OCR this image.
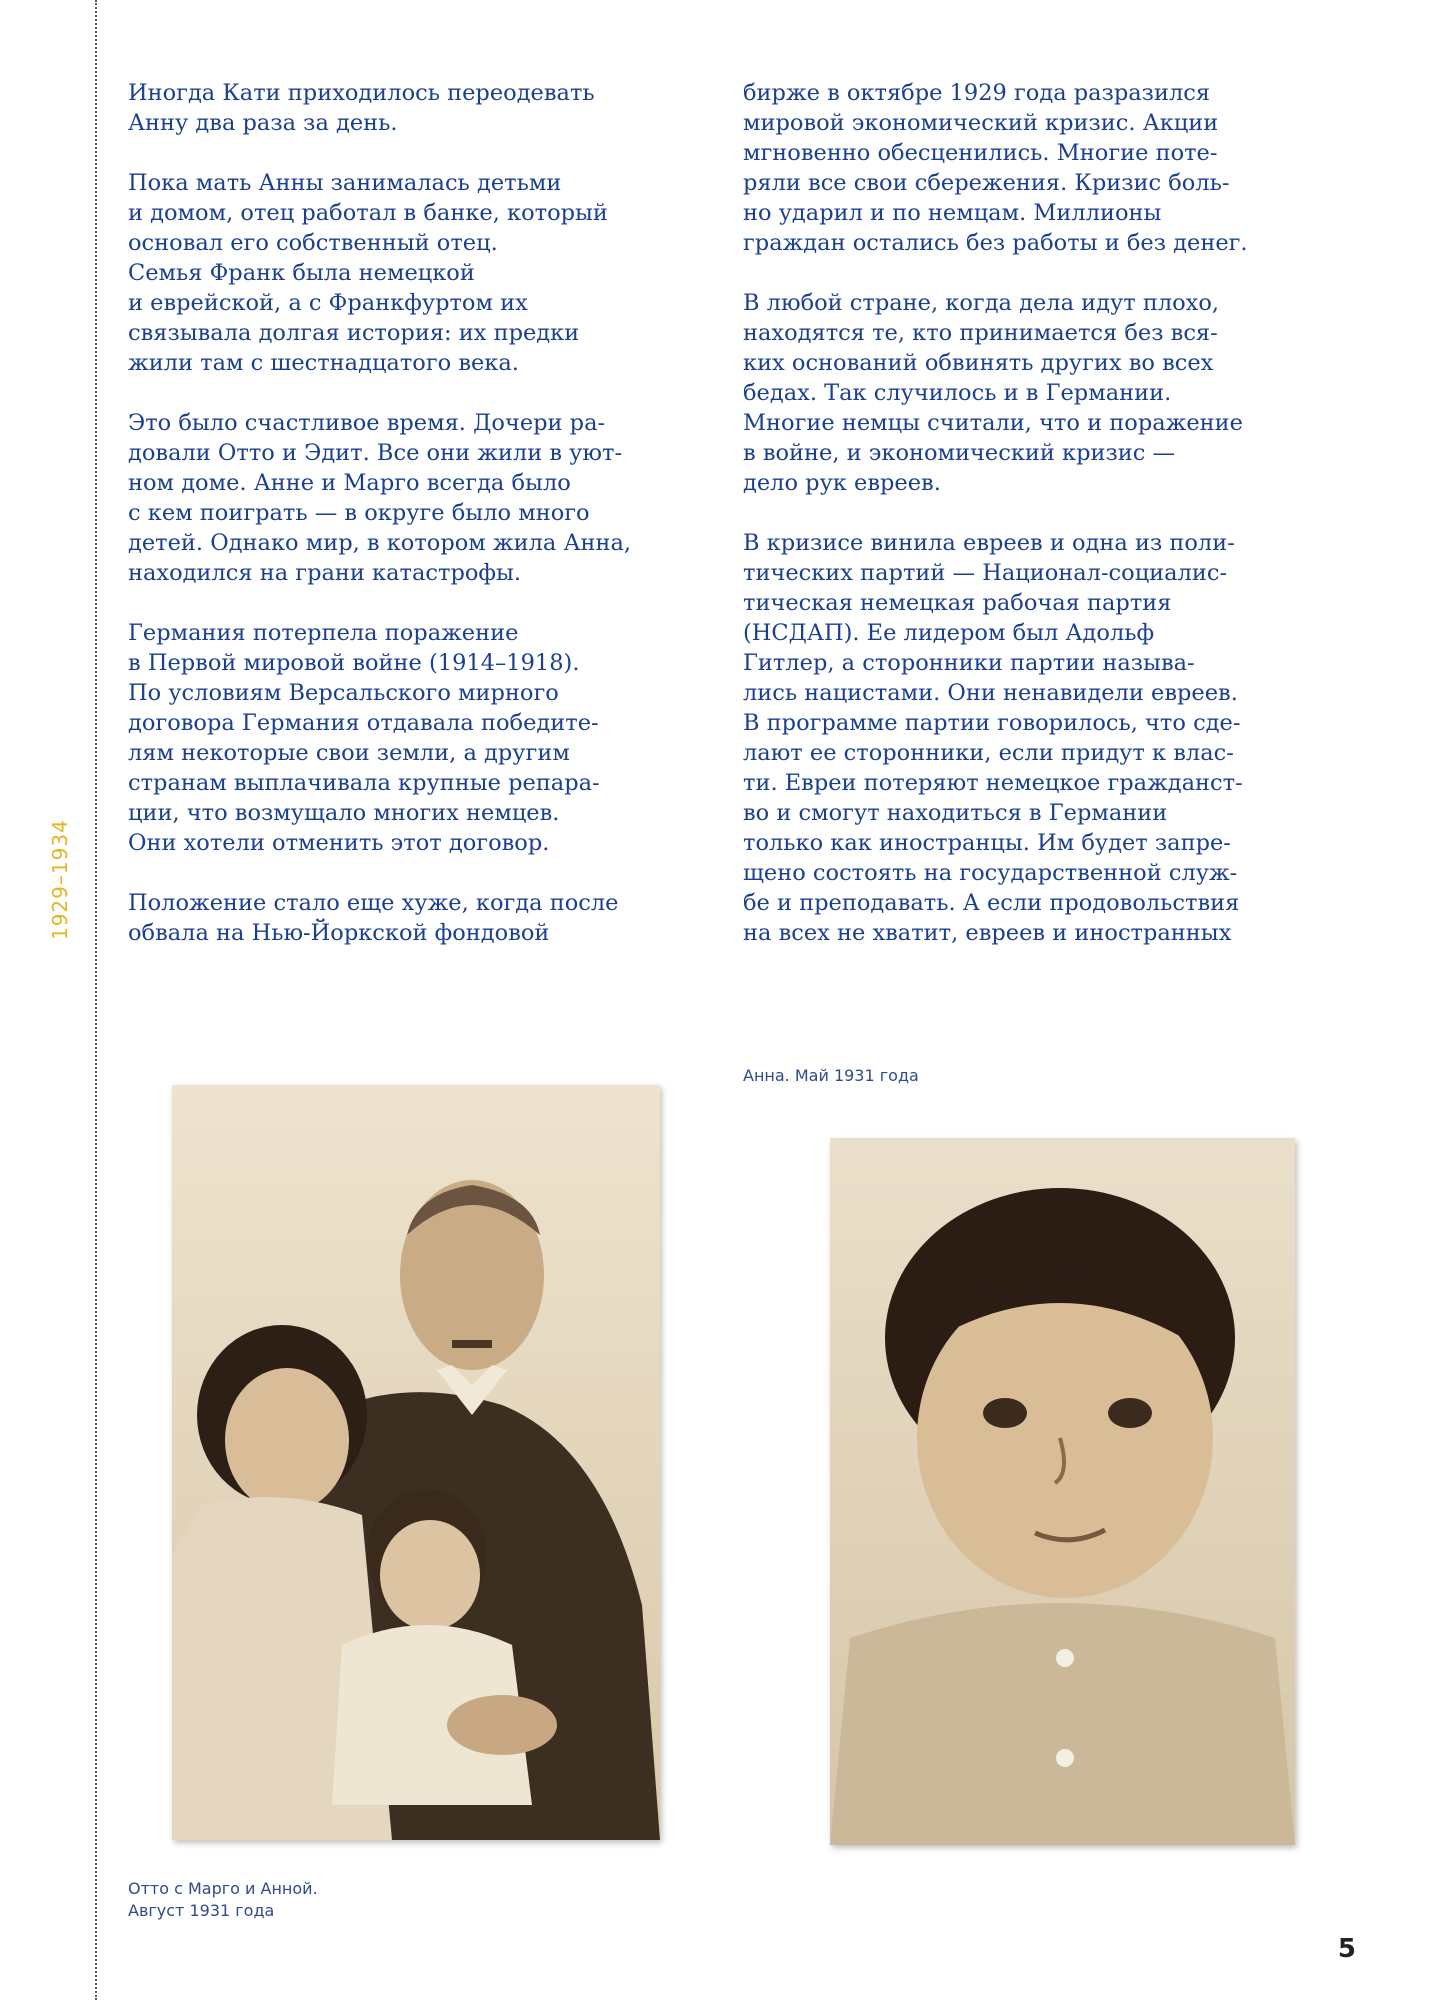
1929–1934

Иногда Кати приходилось переодевать
Анну два раза за день.

Пока мать Анны занималась детьми
и домом, отец работал в банке, который
основал его собственный отец.
Семья Франк была немецкой
и еврейской, а с Франкфуртом их
связывала долгая история: их предки
жили там с шестнадцатого века.

Это было счастливое время. Дочери ра-
довали Отто и Эдит. Все они жили в уют-
ном доме. Анне и Марго всегда было
с кем поиграть — в округе было много
детей. Однако мир, в котором жила Анна,
находился на грани катастрофы.

Германия потерпела поражение
в Первой мировой войне (1914–1918).
По условиям Версальского мирного
договора Германия отдавала победите-
лям некоторые свои земли, а другим
странам выплачивала крупные репара-
ции, что возмущало многих немцев.
Они хотели отменить этот договор.

Положение стало еще хуже, когда после
обвала на Нью-Йоркской фондовой

бирже в октябре 1929 года разразился
мировой экономический кризис. Акции
мгновенно обесценились. Многие поте-
ряли все свои сбережения. Кризис боль-
но ударил и по немцам. Миллионы
граждан остались без работы и без денег.

В любой стране, когда дела идут плохо,
находятся те, кто принимается без вся-
ких оснований обвинять других во всех
бедах. Так случилось и в Германии.
Многие немцы считали, что и поражение
в войне, и экономический кризис —
дело рук евреев.

В кризисе винила евреев и одна из поли-
тических партий — Национал-социалис-
тическая немецкая рабочая партия
(НСДАП). Ее лидером был Адольф
Гитлер, а сторонники партии называ-
лись нацистами. Они ненавидели евреев.
В программе партии говорилось, что сде-
лают ее сторонники, если придут к влас-
ти. Евреи потеряют немецкое гражданст-
во и смогут находиться в Германии
только как иностранцы. Им будет запре-
щено состоять на государственной служ-
бе и преподавать. А если продовольствия
на всех не хватит, евреев и иностранных

Анна. Май 1931 года
Отто с Марго и Анной.
Август 1931 года
5
